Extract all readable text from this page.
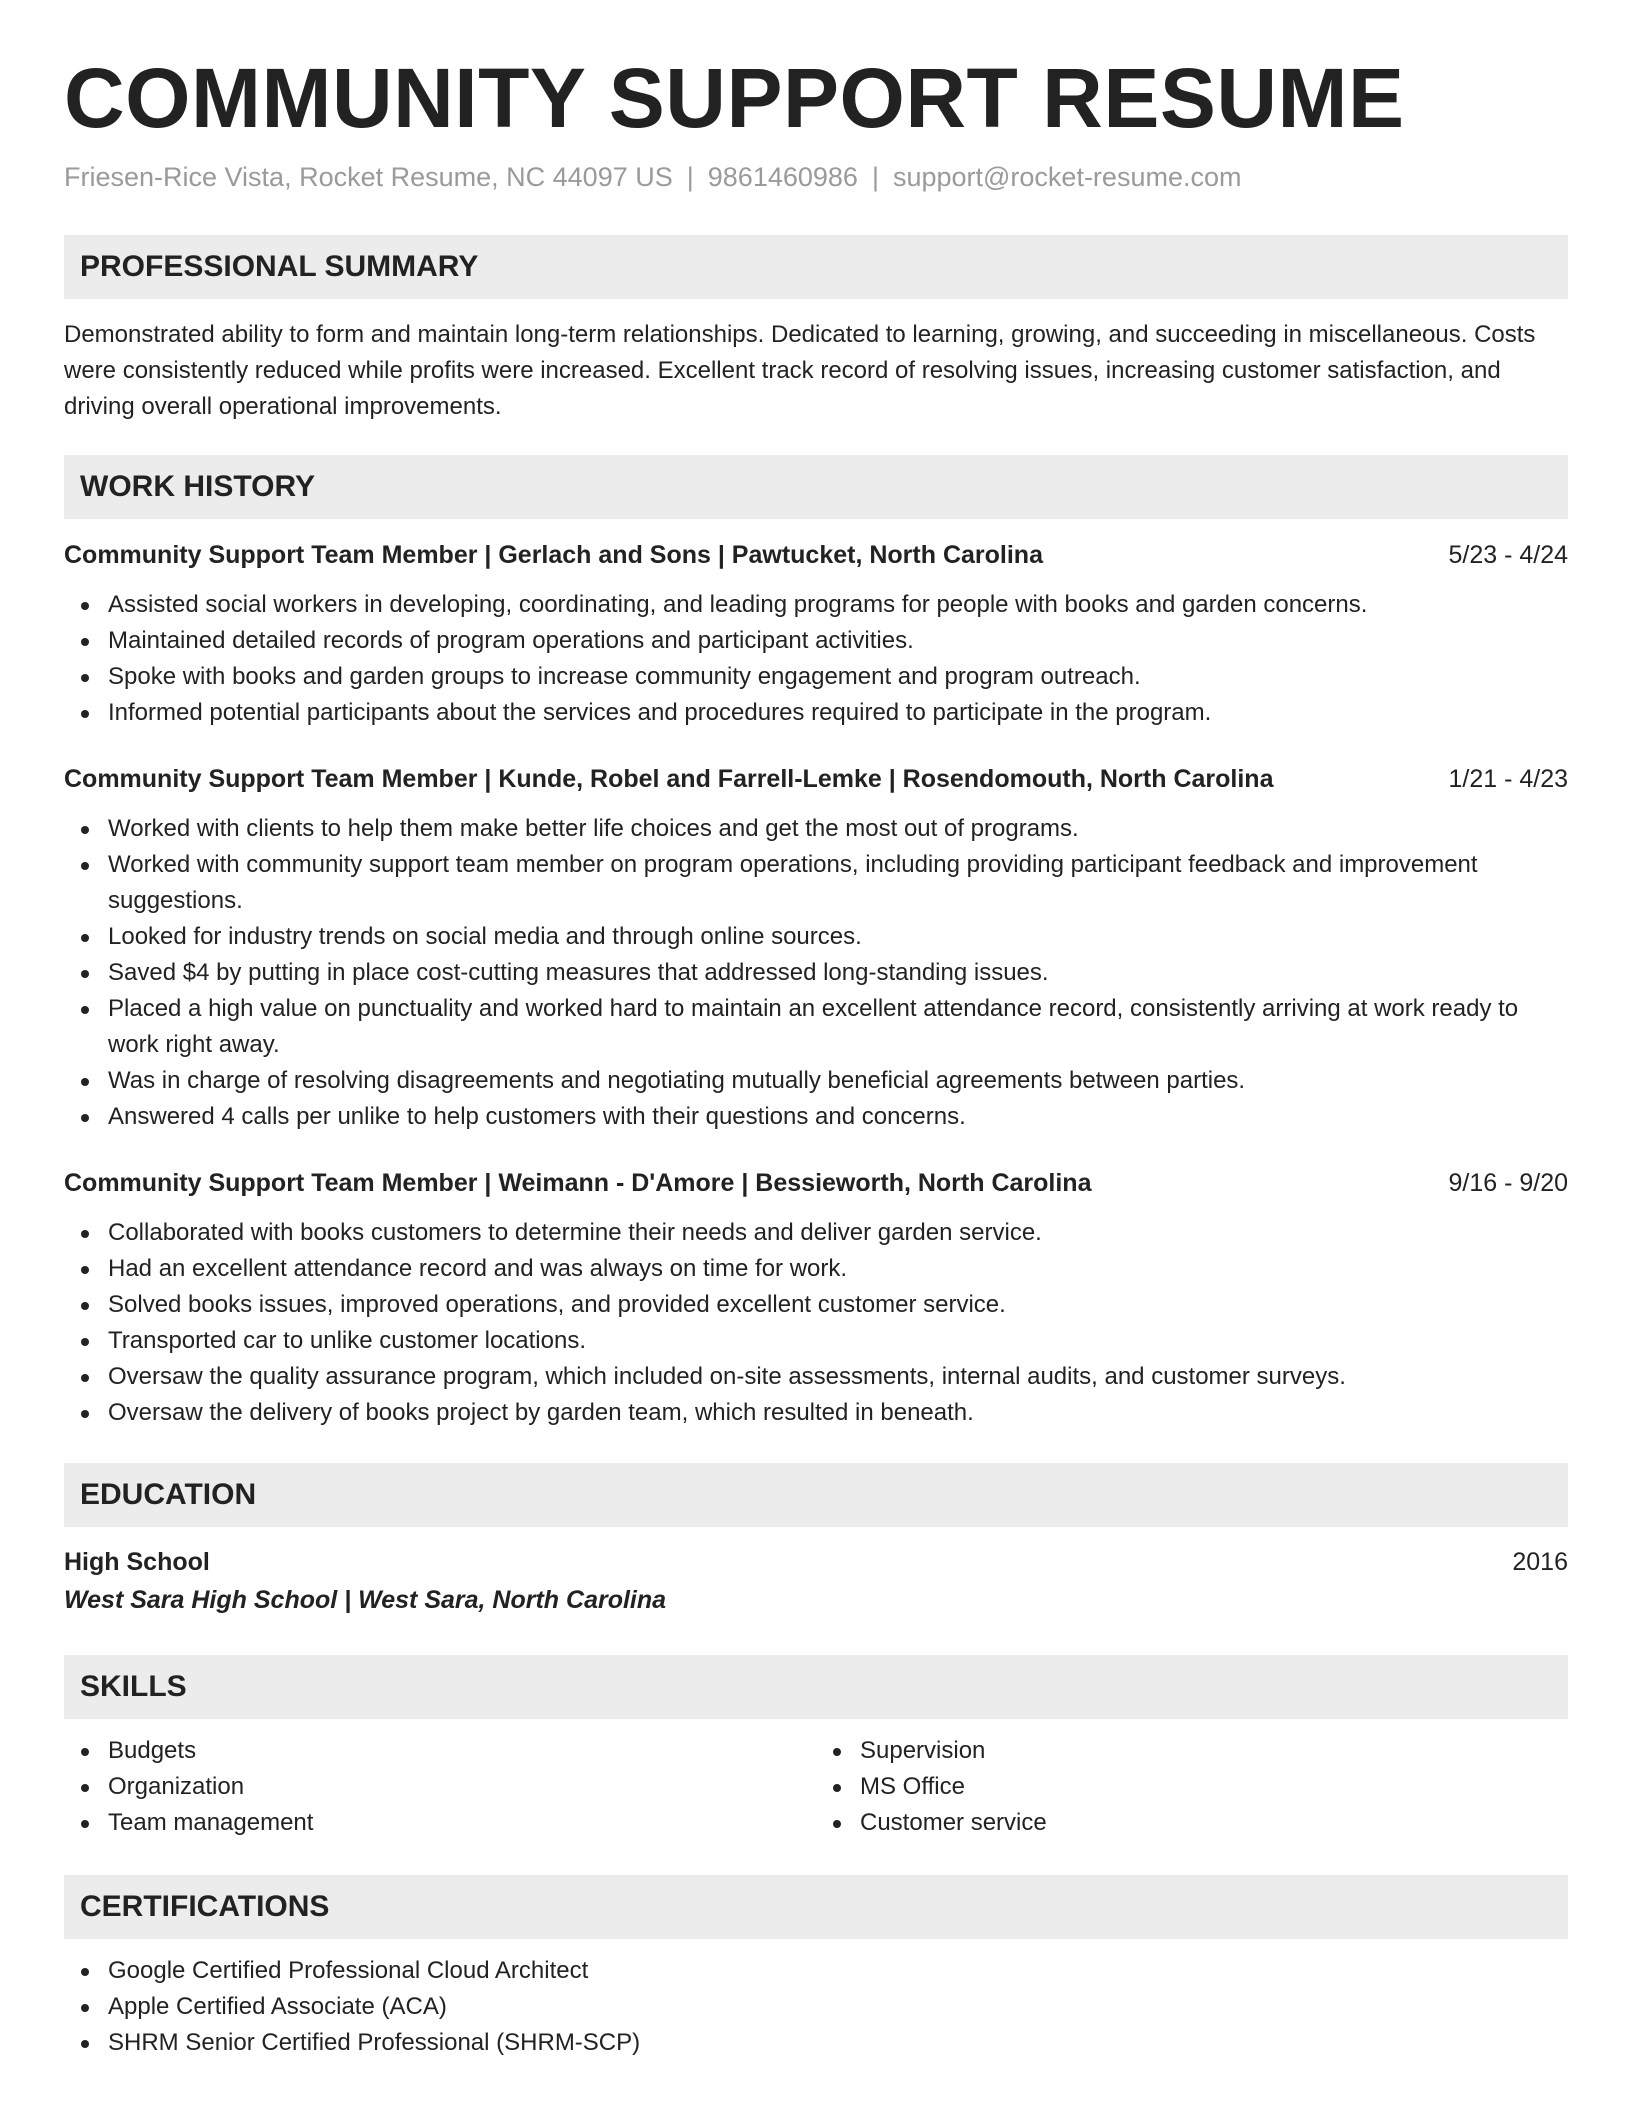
COMMUNITY SUPPORT RESUME
Friesen-Rice Vista, Rocket Resume, NC 44097 US | 9861460986 | support@rocket-resume.com
PROFESSIONAL SUMMARY

Demonstrated ability to form and maintain long-term relationships. Dedicated to learning, growing, and succeeding in miscellaneous. Costs were consistently reduced while profits were increased. Excellent track record of resolving issues, increasing customer satisfaction, and driving overall operational improvements.

WORK HISTORY
Community Support Team Member | Gerlach and Sons | Pawtucket, North Carolina	5/23 - 4/24
Assisted social workers in developing, coordinating, and leading programs for people with books and garden concerns.
Maintained detailed records of program operations and participant activities.
Spoke with books and garden groups to increase community engagement and program outreach.
Informed potential participants about the services and procedures required to participate in the program.
Community Support Team Member | Kunde, Robel and Farrell-Lemke | Rosendomouth, North Carolina	1/21 - 4/23
Worked with clients to help them make better life choices and get the most out of programs.
Worked with community support team member on program operations, including providing participant feedback and improvement suggestions.
Looked for industry trends on social media and through online sources.
Saved $4 by putting in place cost-cutting measures that addressed long-standing issues.
Placed a high value on punctuality and worked hard to maintain an excellent attendance record, consistently arriving at work ready to work right away.
Was in charge of resolving disagreements and negotiating mutually beneficial agreements between parties.
Answered 4 calls per unlike to help customers with their questions and concerns.
Community Support Team Member | Weimann - D'Amore | Bessieworth, North Carolina	9/16 - 9/20
Collaborated with books customers to determine their needs and deliver garden service.
Had an excellent attendance record and was always on time for work.
Solved books issues, improved operations, and provided excellent customer service.
Transported car to unlike customer locations.
Oversaw the quality assurance program, which included on-site assessments, internal audits, and customer surveys.
Oversaw the delivery of books project by garden team, which resulted in beneath.
EDUCATION
High School	2016
West Sara High School | West Sara, North Carolina
SKILLS
Budgets
Organization
Team management
Supervision
MS Office
Customer service
CERTIFICATIONS
Google Certified Professional Cloud Architect
Apple Certified Associate (ACA)
SHRM Senior Certified Professional (SHRM-SCP)
